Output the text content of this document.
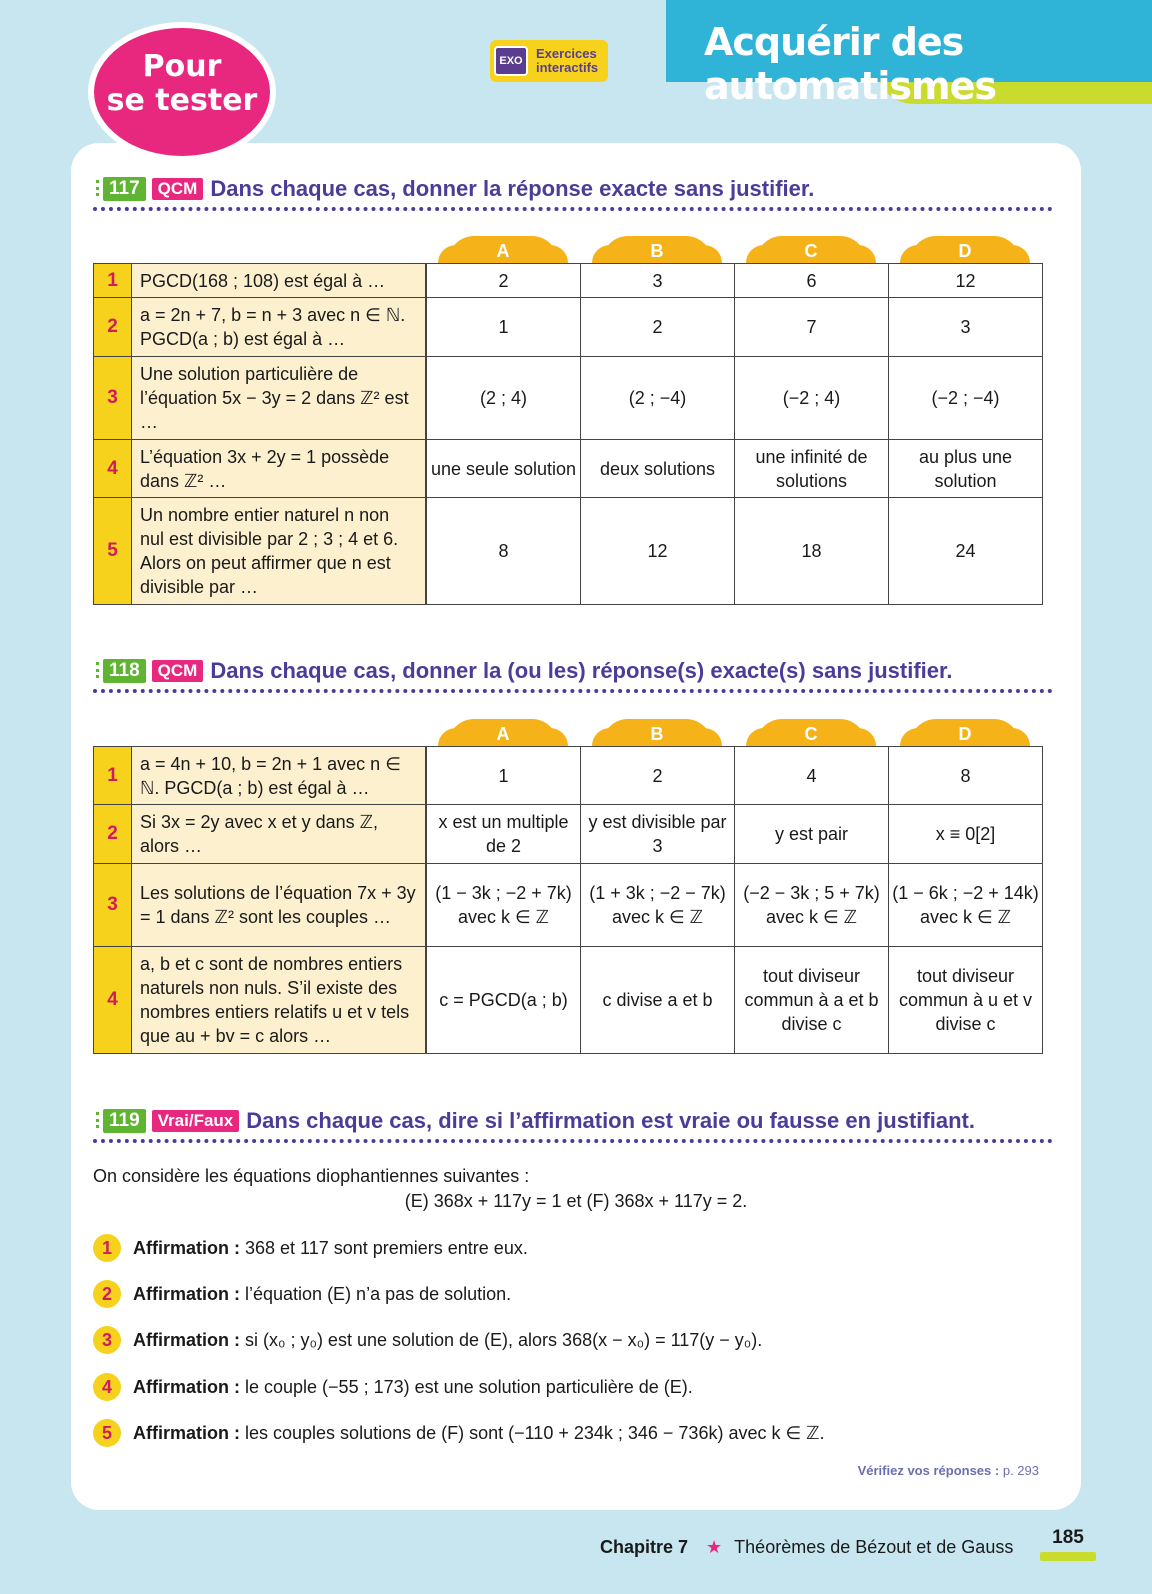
Acquérir des automatismes
Pour
se tester
EXO	Exercices
interactifs
117	QCM Dans chaque cas, donner la réponse exacte sans justifier.
A	B	C	D
1	PGCD(168 ; 108) est égal à …		2	3	6	12
2	a = 2n + 7, b = n + 3 avec n ∈ ℕ. PGCD(a ; b) est égal à …		1	2	7	3
3	Une solution particulière de l’équation 5x − 3y = 2 dans ℤ² est …		(2 ; 4)	(2 ; −4)	(−2 ; 4)	(−2 ; −4)
4	L’équation 3x + 2y = 1 possède dans ℤ² …		une seule solution	deux solutions	une infinité de solutions	au plus une solution
5	Un nombre entier naturel n non nul est divisible par 2 ; 3 ; 4 et 6. Alors on peut affirmer que n est divisible par …		8	12	18	24
118	QCM Dans chaque cas, donner la (ou les) réponse(s) exacte(s) sans justifier.
A	B	C	D
1	a = 4n + 10, b = 2n + 1 avec n ∈ ℕ. PGCD(a ; b) est égal à …		1	2	4	8
2	Si 3x = 2y avec x et y dans ℤ, alors …		x est un multiple de 2	y est divisible par 3	y est pair	x ≡ 0[2]
3	Les solutions de l’équation 7x + 3y = 1 dans ℤ² sont les couples …		(1 − 3k ; −2 + 7k) avec k ∈ ℤ	(1 + 3k ; −2 − 7k) avec k ∈ ℤ	(−2 − 3k ; 5 + 7k) avec k ∈ ℤ	(1 − 6k ; −2 + 14k) avec k ∈ ℤ
4	a, b et c sont de nombres entiers naturels non nuls. S’il existe des nombres entiers relatifs u et v tels que au + bv = c alors …		c = PGCD(a ; b)	c divise a et b	tout diviseur commun à a et b divise c	tout diviseur commun à u et v divise c
119	Vrai/Faux Dans chaque cas, dire si l’affirmation est vraie ou fausse en justifiant.
On considère les équations diophantiennes suivantes :
(E) 368x + 117y = 1 et (F) 368x + 117y = 2.
1	Affirmation : 368 et 117 sont premiers entre eux.
2	Affirmation : l’équation (E) n’a pas de solution.
3	Affirmation : si (x₀ ; y₀) est une solution de (E), alors 368(x − x₀) = 117(y − y₀).
4	Affirmation : le couple (−55 ; 173) est une solution particulière de (E).
5	Affirmation : les couples solutions de (F) sont (−110 + 234k ; 346 − 736k) avec k ∈ ℤ.
Vérifiez vos réponses : p. 293
Chapitre 7 ★ Théorèmes de Bézout et de Gauss	185
